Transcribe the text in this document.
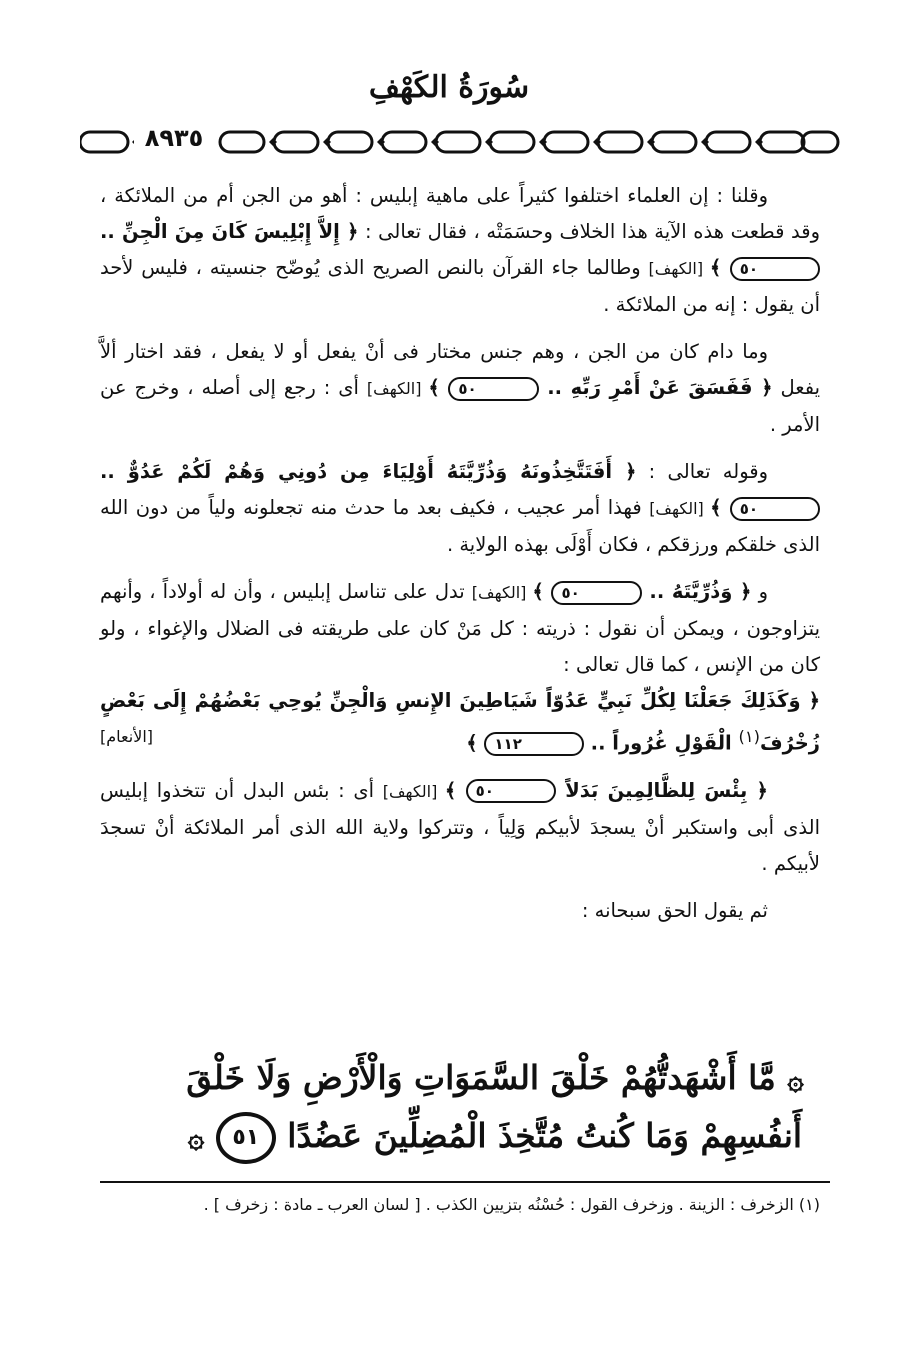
سُورَةُ الكَهْفِ
٨٩٣٥

وقلنا : إن العلماء اختلفوا كثيراً على ماهية إبليس : أهو من الجن أم من الملائكة ، وقد قطعت هذه الآية هذا الخلاف وحسَمَتْه ، فقال تعالى : ﴿ إِلاَّ إِبْلِيسَ كَانَ مِنَ الْجِنِّ .. ٥٠ ﴾ [الكهف] وطالما جاء القرآن بالنص الصريح الذى يُوضّح جنسيته ، فليس لأحد أن يقول : إنه من الملائكة .

وما دام كان من الجن ، وهم جنس مختار فى أنْ يفعل أو لا يفعل ، فقد اختار ألاَّ يفعل ﴿ فَفَسَقَ عَنْ أَمْرِ رَبِّهِ .. ٥٠ ﴾ [الكهف] أى : رجع إلى أصله ، وخرج عن الأمر .

وقوله تعالى : ﴿ أَفَتَتَّخِذُونَهُ وَذُرِّيَّتَهُ أَوْلِيَاءَ مِن دُونِي وَهُمْ لَكُمْ عَدُوٌّ .. ٥٠ ﴾ [الكهف] فهذا أمر عجيب ، فكيف بعد ما حدث منه تجعلونه ولياً من دون الله الذى خلقكم ورزقكم ، فكان أَوْلَى بهذه الولاية .

و ﴿ وَذُرِّيَّتَهُ .. ٥٠ ﴾ [الكهف] تدل على تناسل إبليس ، وأن له أولاداً ، وأنهم يتزاوجون ، ويمكن أن نقول : ذريته : كل مَنْ كان على طريقته فى الضلال والإغواء ، ولو كان من الإنس ، كما قال تعالى :
﴿ وَكَذَلِكَ جَعَلْنَا لِكُلِّ نَبِيٍّ عَدُوّاً شَيَاطِينَ الإِنسِ وَالْجِنِّ يُوحِي بَعْضُهُمْ إِلَى بَعْضٍ زُخْرُفَ$^{(١)}$ الْقَوْلِ غُرُوراً .. ١١٢ ﴾
[الأنعام]

﴿ بِئْسَ لِلظَّالِمِينَ بَدَلاً ٥٠ ﴾ [الكهف] أى : بئس البدل أن تتخذوا إبليس الذى أبى واستكبر أنْ يسجدَ لأبيكم وَلِياً ، وتتركوا ولاية الله الذى أمر الملائكة أنْ تسجدَ لأبيكم .

ثم يقول الحق سبحانه :

۞ مَّا أَشْهَدتُّهُمْ خَلْقَ السَّمَوَاتِ وَالْأَرْضِ وَلَا خَلْقَ
أَنفُسِهِمْ وَمَا كُنتُ مُتَّخِذَ الْمُضِلِّينَ عَضُدًا ٥١ ۞
(١) الزخرف : الزينة . وزخرف القول : حُسْنُه بتزيين الكذب . [ لسان العرب ـ مادة : زخرف ] .
